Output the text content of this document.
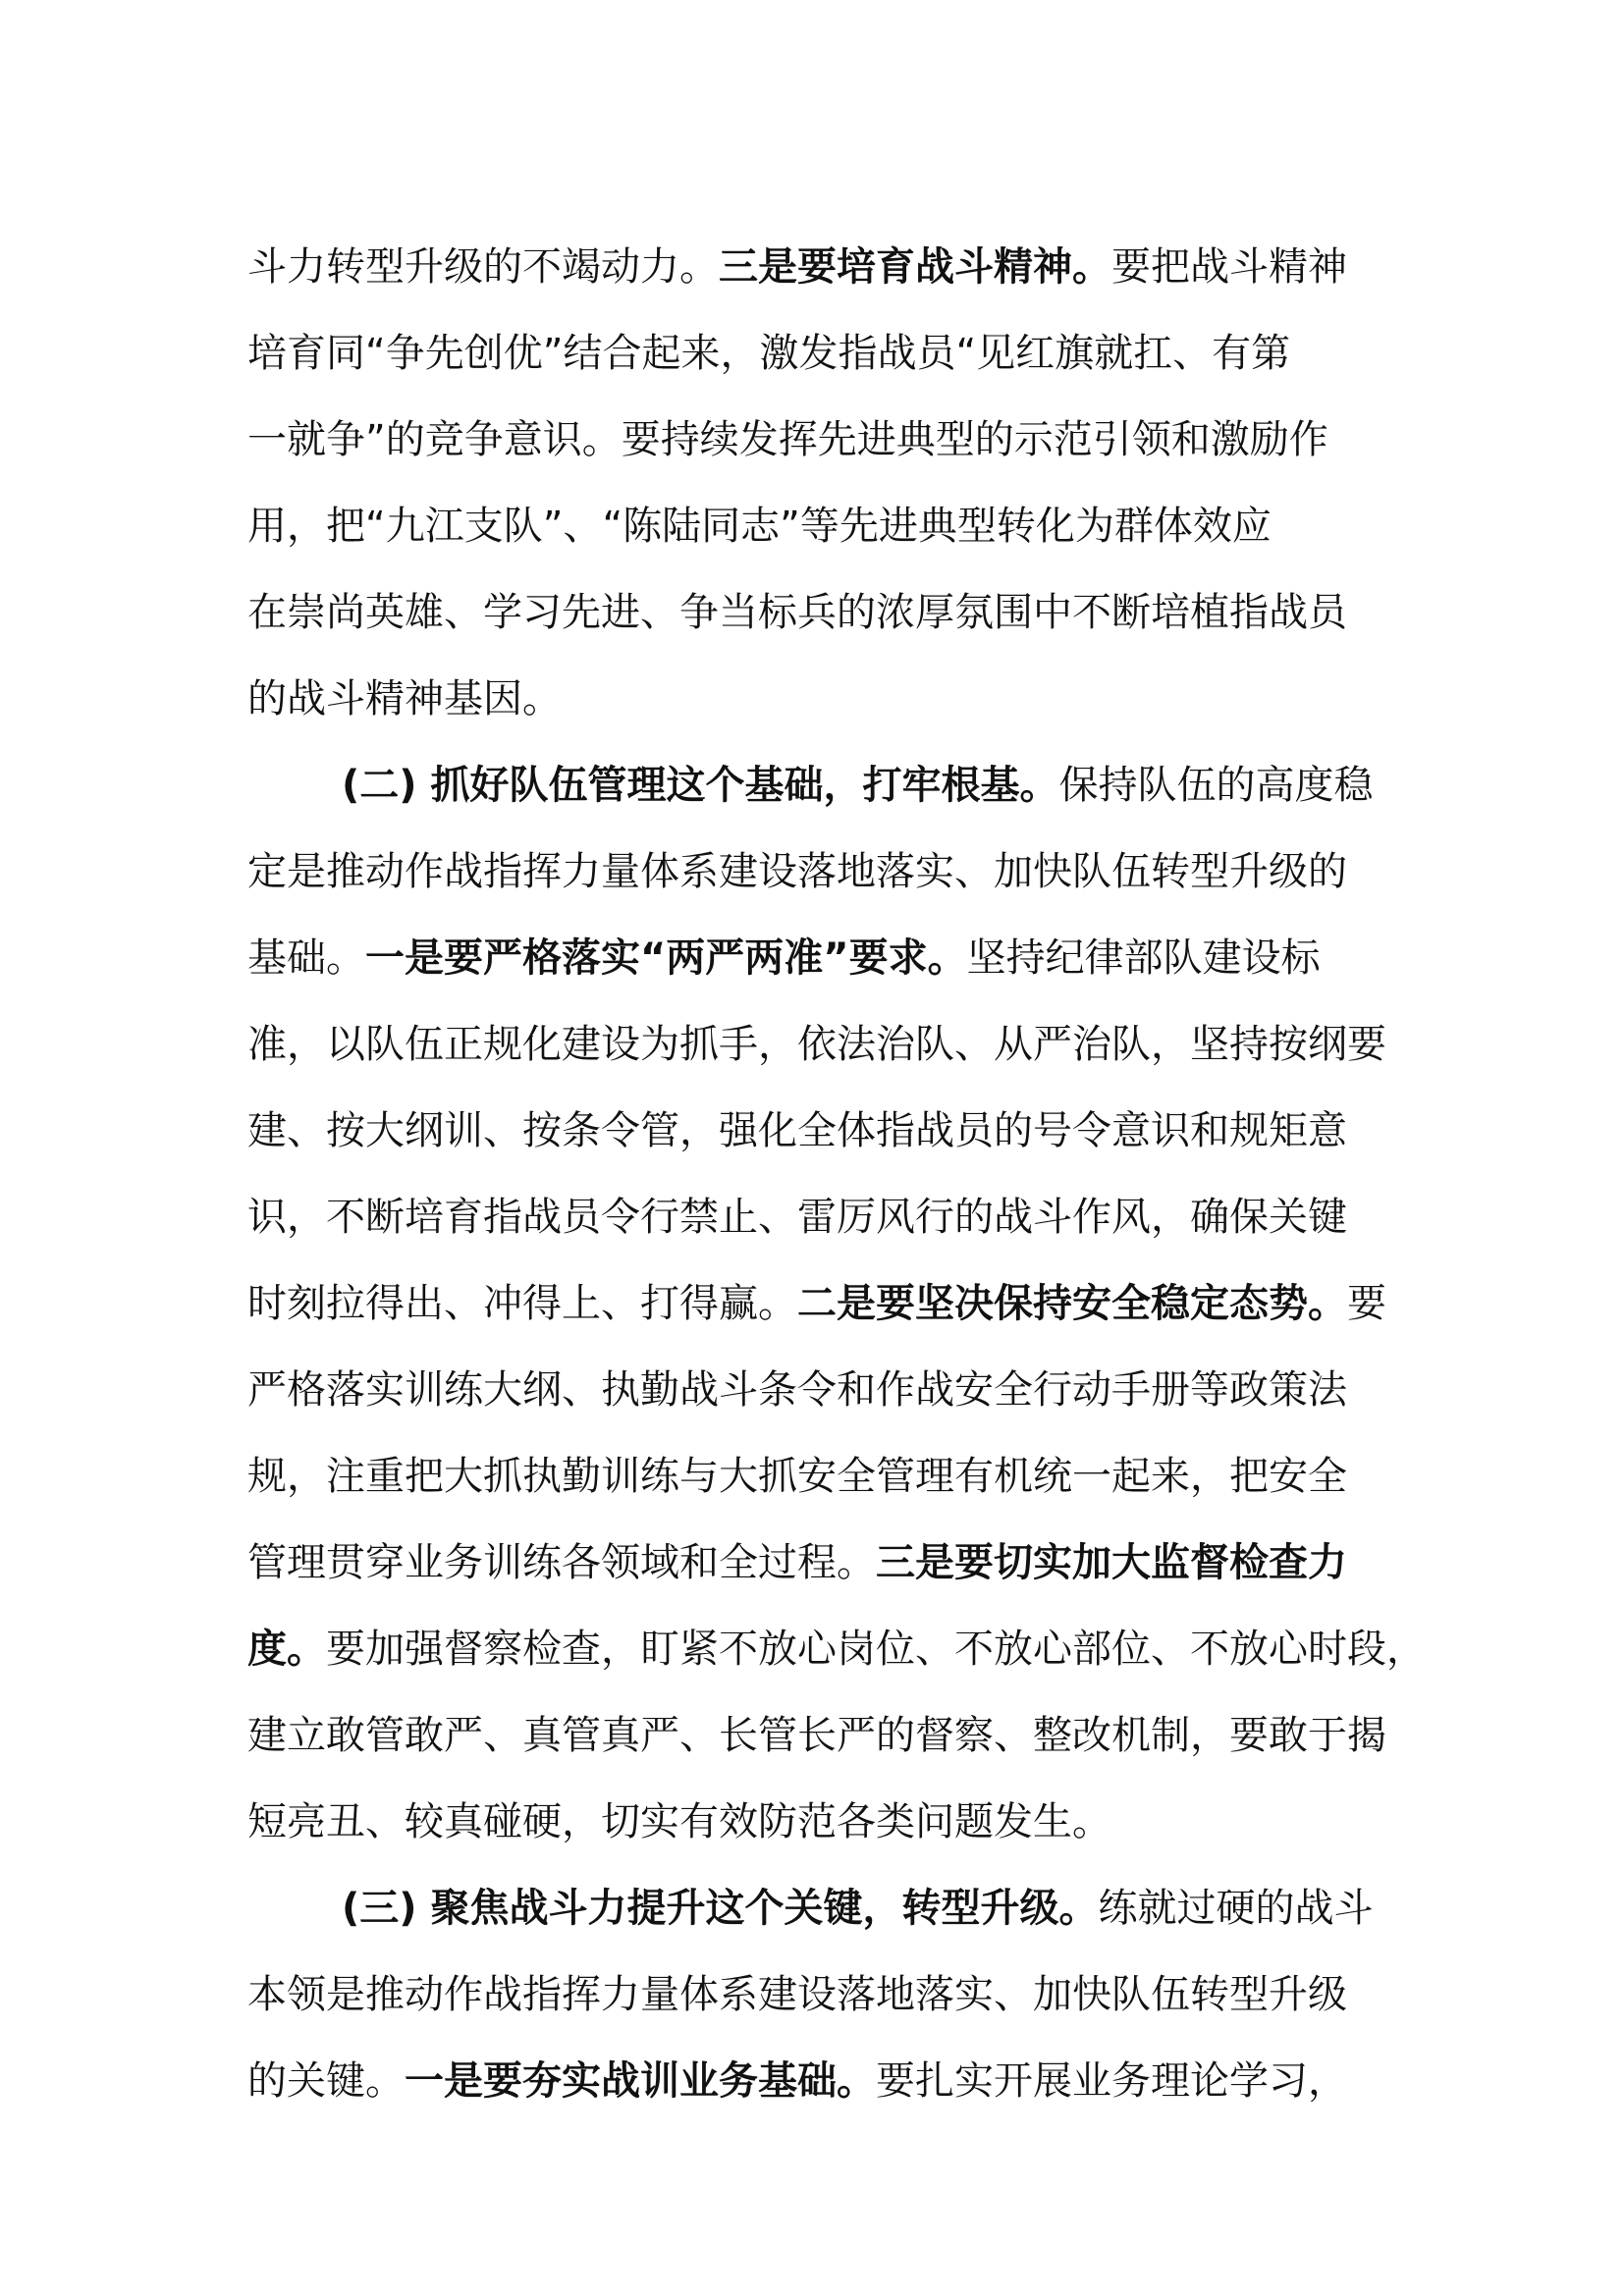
斗力转型升级的不竭动力。三是要培育战斗精神。要把战斗精神
培育同“争先创优”结合起来，激发指战员“见红旗就扛、有第
一就争”的竞争意识。要持续发挥先进典型的示范引领和激励作
用，把“九江支队”、“陈陆同志”等先进典型转化为群体效应
在崇尚英雄、学习先进、争当标兵的浓厚氛围中不断培植指战员
的战斗精神基因。
(二) 抓好队伍管理这个基础，打牢根基。保持队伍的高度稳
定是推动作战指挥力量体系建设落地落实、加快队伍转型升级的
基础。一是要严格落实“两严两准”要求。坚持纪律部队建设标
准，以队伍正规化建设为抓手，依法治队、从严治队，坚持按纲要
建、按大纲训、按条令管，强化全体指战员的号令意识和规矩意
识，不断培育指战员令行禁止、雷厉风行的战斗作风，确保关键
时刻拉得出、冲得上、打得赢。二是要坚决保持安全稳定态势。要
严格落实训练大纲、执勤战斗条令和作战安全行动手册等政策法
规，注重把大抓执勤训练与大抓安全管理有机统一起来，把安全
管理贯穿业务训练各领域和全过程。三是要切实加大监督检查力
度。要加强督察检查，盯紧不放心岗位、不放心部位、不放心时段，
建立敢管敢严、真管真严、长管长严的督察、整改机制，要敢于揭
短亮丑、较真碰硬，切实有效防范各类问题发生。
(三) 聚焦战斗力提升这个关键，转型升级。练就过硬的战斗
本领是推动作战指挥力量体系建设落地落实、加快队伍转型升级
的关键。一是要夯实战训业务基础。要扎实开展业务理论学习，
